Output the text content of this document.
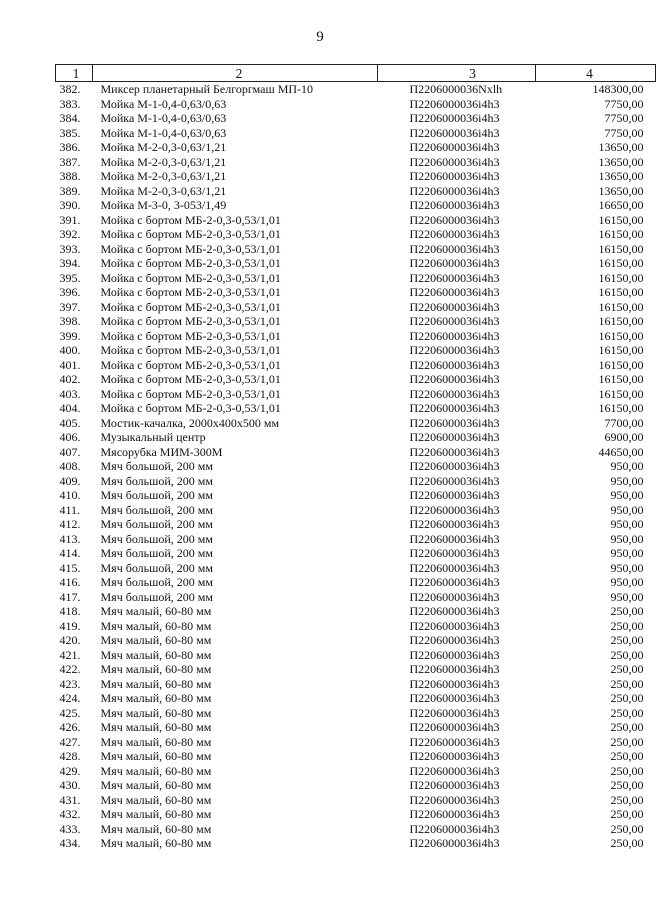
9
1	2	3	4
382.	Миксер планетарный Белгоргмаш МП-10	П2206000036Nxlh	148300,00
383.	Мойка М-1-0,4-0,63/0,63	П2206000036i4h3	7750,00
384.	Мойка М-1-0,4-0,63/0,63	П2206000036i4h3	7750,00
385.	Мойка М-1-0,4-0,63/0,63	П2206000036i4h3	7750,00
386.	Мойка М-2-0,3-0,63/1,21	П2206000036i4h3	13650,00
387.	Мойка М-2-0,3-0,63/1,21	П2206000036i4h3	13650,00
388.	Мойка М-2-0,3-0,63/1,21	П2206000036i4h3	13650,00
389.	Мойка М-2-0,3-0,63/1,21	П2206000036i4h3	13650,00
390.	Мойка М-3-0, 3-053/1,49	П2206000036i4h3	16650,00
391.	Мойка с бортом МБ-2-0,3-0,53/1,01	П2206000036i4h3	16150,00
392.	Мойка с бортом МБ-2-0,3-0,53/1,01	П2206000036i4h3	16150,00
393.	Мойка с бортом МБ-2-0,3-0,53/1,01	П2206000036i4h3	16150,00
394.	Мойка с бортом МБ-2-0,3-0,53/1,01	П2206000036i4h3	16150,00
395.	Мойка с бортом МБ-2-0,3-0,53/1,01	П2206000036i4h3	16150,00
396.	Мойка с бортом МБ-2-0,3-0,53/1,01	П2206000036i4h3	16150,00
397.	Мойка с бортом МБ-2-0,3-0,53/1,01	П2206000036i4h3	16150,00
398.	Мойка с бортом МБ-2-0,3-0,53/1,01	П2206000036i4h3	16150,00
399.	Мойка с бортом МБ-2-0,3-0,53/1,01	П2206000036i4h3	16150,00
400.	Мойка с бортом МБ-2-0,3-0,53/1,01	П2206000036i4h3	16150,00
401.	Мойка с бортом МБ-2-0,3-0,53/1,01	П2206000036i4h3	16150,00
402.	Мойка с бортом МБ-2-0,3-0,53/1,01	П2206000036i4h3	16150,00
403.	Мойка с бортом МБ-2-0,3-0,53/1,01	П2206000036i4h3	16150,00
404.	Мойка с бортом МБ-2-0,3-0,53/1,01	П2206000036i4h3	16150,00
405.	Мостик-качалка, 2000х400х500 мм	П2206000036i4h3	7700,00
406.	Музыкальный центр	П2206000036i4h3	6900,00
407.	Мясорубка МИМ-300М	П2206000036i4h3	44650,00
408.	Мяч большой, 200 мм	П2206000036i4h3	950,00
409.	Мяч большой, 200 мм	П2206000036i4h3	950,00
410.	Мяч большой, 200 мм	П2206000036i4h3	950,00
411.	Мяч большой, 200 мм	П2206000036i4h3	950,00
412.	Мяч большой, 200 мм	П2206000036i4h3	950,00
413.	Мяч большой, 200 мм	П2206000036i4h3	950,00
414.	Мяч большой, 200 мм	П2206000036i4h3	950,00
415.	Мяч большой, 200 мм	П2206000036i4h3	950,00
416.	Мяч большой, 200 мм	П2206000036i4h3	950,00
417.	Мяч большой, 200 мм	П2206000036i4h3	950,00
418.	Мяч малый, 60-80 мм	П2206000036i4h3	250,00
419.	Мяч малый, 60-80 мм	П2206000036i4h3	250,00
420.	Мяч малый, 60-80 мм	П2206000036i4h3	250,00
421.	Мяч малый, 60-80 мм	П2206000036i4h3	250,00
422.	Мяч малый, 60-80 мм	П2206000036i4h3	250,00
423.	Мяч малый, 60-80 мм	П2206000036i4h3	250,00
424.	Мяч малый, 60-80 мм	П2206000036i4h3	250,00
425.	Мяч малый, 60-80 мм	П2206000036i4h3	250,00
426.	Мяч малый, 60-80 мм	П2206000036i4h3	250,00
427.	Мяч малый, 60-80 мм	П2206000036i4h3	250,00
428.	Мяч малый, 60-80 мм	П2206000036i4h3	250,00
429.	Мяч малый, 60-80 мм	П2206000036i4h3	250,00
430.	Мяч малый, 60-80 мм	П2206000036i4h3	250,00
431.	Мяч малый, 60-80 мм	П2206000036i4h3	250,00
432.	Мяч малый, 60-80 мм	П2206000036i4h3	250,00
433.	Мяч малый, 60-80 мм	П2206000036i4h3	250,00
434.	Мяч малый, 60-80 мм	П2206000036i4h3	250,00
